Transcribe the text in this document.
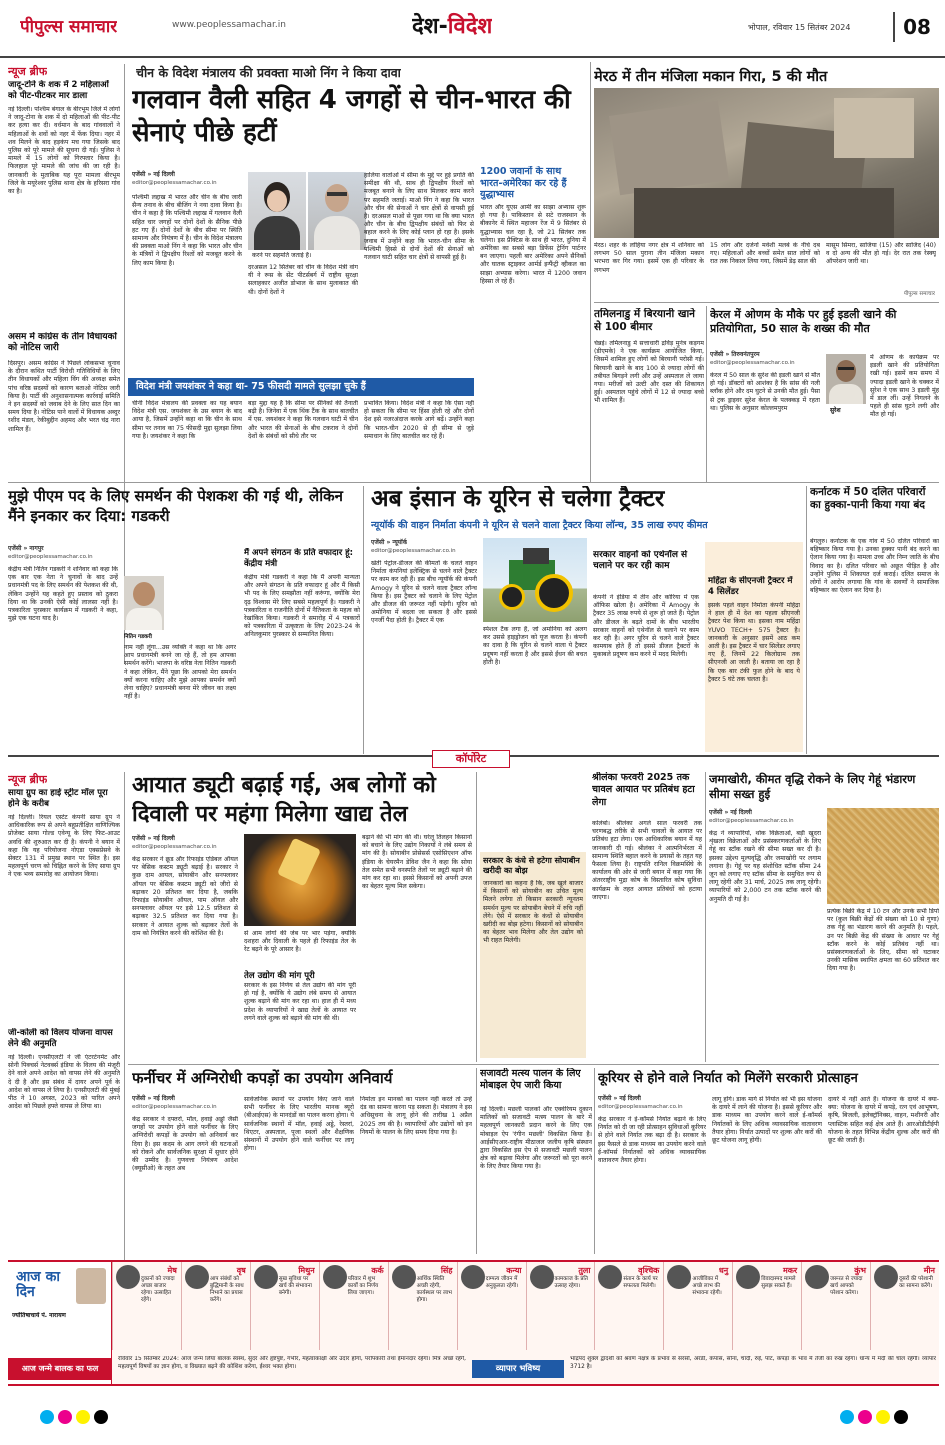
पीपुल्स समाचार	www.peoplessamachar.in	देश-विदेश	भोपाल, रविवार 15 सितंबर 2024	08
न्यूज ब्रीफ
जादू-टोने के शक में 2 महिलाओं को पीट-पीटकर मार डाला
नई दिल्ली। पश्चिम बंगाल के बीरभूम जिले में लोगों ने जादू-टोना के शक में दो महिलाओं की पीट-पीट कर हत्या कर दी। वर्धमान के बाद गांववालों ने महिलाओं के शवों को नहर में फेंक दिया। नहर में शव मिलने के बाद हड़कंप मच गया जिसके बाद पुलिस को पूरे मामले की सूचना दी गई। पुलिस ने मामले में 15 लोगों को गिरफ्तार किया है। फिलहाल पूरे मामले की जांच की जा रही है। जानकारी के मुताबिक यह पूरा मामला बीरभूम जिले के मयूरेश्वर पुलिस थाना क्षेत्र के हरिसरा गांव का है।
असम में कांग्रेस के तीन विधायकों को नोटिस जारी
दिसपुर। असम कांग्रेस ने पिछले लोकसभा चुनाव के दौरान कथित पार्टी विरोधी गतिविधियों के लिए तीन विधायकों और महिला विंग की अध्यक्ष समेत पांच वरिष्ठ सदस्यों को कारण बताओ नोटिस जारी किया है। पार्टी की अनुशासनात्मक कार्रवाई समिति ने इन सदस्यों को जवाब देने के लिए सात दिन का समय दिया है। नोटिस पाने वालों में विधायक अब्दुर रशीद मंडल, रेकीबुद्दीन अहमद और भरत चंद्र नारा शामिल हैं।
चीन के विदेश मंत्रालय की प्रवक्ता माओ निंग ने किया दावा
गलवान वैली सहित 4 जगहों से चीन-भारत की सेनाएं पीछे हटीं
एजेंसी » नई दिल्ली
editor@peoplessamachar.co.in
पश्चिमी लद्दाख में भारत और चीन के बीच जारी सैन्य तनाव के बीच बीजिंग ने नया दावा किया है। चीन ने कहा है कि पश्चिमी लद्दाख में गलवान वैली सहित चार जगहों पर दोनों देशों के सैनिक पीछे हट गए हैं। दोनों देशों के बीच सीमा पर स्थिति सामान्य और नियंत्रण में है। चीन के विदेश मंत्रालय की प्रवक्ता माओ निंग ने कहा कि भारत और चीन के मंत्रियों ने द्विपक्षीय रिश्तों को मजबूत करने के लिए काम किया है।
करने पर सहमति जताई है।
दरअसल 12 सितंबर को चीन के विदेश मंत्री वांग यी ने रूस के सेंट पीटर्सबर्ग में राष्ट्रीय सुरक्षा सलाहकार अजीत डोभाल के साथ मुलाकात की थी। दोनों देशों ने
हालिया वार्ताओं में सीमा के मुद्दे पर हुई प्रगति की समीक्षा की थी, साथ ही द्विपक्षीय रिश्तों को मजबूत बनाने के लिए साथ मिलकर काम करने पर सहमति जताई। माओ निंग ने कहा कि भारत और चीन की सेनाओं ने चार क्षेत्रों से वापसी हुई है। दरअसल माओ से पूछा गया था कि क्या भारत और चीन के बीच द्विपक्षीय संबंधों को फिर से बहाल करने के लिए कोई प्लान हो रहा है। इसके जवाब में उन्होंने कहा कि भारत-चीन सीमा के पश्चिमी हिस्से से दोनों देशों की सेनाओं को गलवान घाटी सहित चार क्षेत्रों से वापसी हुई है।
1200 जवानों के साथ भारत-अमेरिका कर रहे हैं युद्धाभ्यास
भारत और यूएस आर्मी का साझा अभ्यास शुरू हो गया है। पाकिस्तान से सटे राजस्थान के बीकानेर में स्थित महाजन रेंज में 9 सितंबर से युद्धाभ्यास चल रहा है, जो 21 सितंबर तक चलेगा। इस प्रैक्टिस के साथ ही भारत, दुनिया में अमेरिका का सबसे बड़ा डिफेंस ट्रेनिंग पार्टनर बन जाएगा। पहली बार अमेरिका अपने सैनिकों और घातक स्ट्राइकर आर्मर्ड इन्फैंट्री व्हीकल का साझा अभ्यास करेगा। भारत में 1200 जवान हिस्सा ले रहे हैं।
विदेश मंत्री जयशंकर ने कहा था- 75 फीसदी मामले सुलझा चुके हैं
चीनी विदेश मंत्रालय की प्रवक्ता का यह बयान विदेश मंत्री एस. जयशंकर के उस बयान के बाद आया है, जिसमें उन्होंने कहा था कि चीन के साथ सीमा पर तनाव का 75 फीसदी मुद्दा सुलझा लिया गया है। जयशंकर ने कहा कि
बड़ा मुद्दा यह है कि सीमा पर सैनिकों की तैनाती बढ़ी है। जिनेवा में एक थिंक टैंक के साथ बातचीत में एस. जयशंकर ने कहा कि गलवान घाटी में चीन और भारत की सेनाओं के बीच टकराव ने दोनों देशों के संबंधों को सीधे तौर पर
प्रभावित किया। विदेश मंत्री ने कहा कि ऐसा नहीं हो सकता कि सीमा पर हिंसा होती रहे और दोनों देश इसे नजरअंदाज करके आगे बढ़ें। उन्होंने कहा कि भारत-चीन 2020 से ही सीमा से जुड़े समाधान के लिए बातचीत कर रहे हैं।
मेरठ में तीन मंजिला मकान गिरा, 5 की मौत
मेरठ। शहर के लोहिया नगर क्षेत्र में शनिवार को लगभग 50 साल पुराना तीन मंजिला मकान भरभरा कर गिर गया। इसमें एक ही परिवार के लगभग
15 लोग और दर्जनों मवेशी मलबे के नीचे दब गए। महिलाओं और बच्चों समेत सात लोगों को रात तक निकाल लिया गया, जिसमें डेढ़ साल की
मासूम सिमरा, साजिया (15) और साजिद (40) व दो अन्य की मौत हो गई। देर रात तक रेस्क्यू ऑपरेशन जारी था।
पीपुल्स समाचार
तमिलनाडु में बिरयानी खाने से 100 बीमार
चेन्नई। तमिलनाडु में सत्ताधारी द्रविड़ मुनेत्र कड़गम (डीएमके) ने एक कार्यक्रम आयोजित किया, जिसमें शामिल हुए लोगों को बिरयानी परोसी गई। बिरयानी खाने के बाद 100 से ज्यादा लोगों की तबीयत बिगड़ने लगी और उन्हें अस्पताल ले जाया गया। मरीजों को उल्टी और दस्त की शिकायत हुई। अस्पताल पहुंचे लोगों में 12 से ज्यादा बच्चे भी शामिल हैं।
केरल में ओणम के मौके पर हुई इडली खाने की प्रतियोगिता, 50 साल के शख्स की मौत
एजेंसी » तिरुवनंतपुरम
editor@peoplessamachar.co.in
केरल में 50 साल के सुरेश की इडली खाने से मौत हो गई। डॉक्टरों को आशंका है कि सांस की नली ब्लॉक होने और दम घुटने से उनकी मौत हुई। पैसा से ट्रक ड्राइवर सुरेश केरल के पलक्कड़ में रहता था। पुलिस के अनुसार कोल्लमपुरम	सुरेश
में ओणम के कार्यक्रम पर इडली खाने की प्रतियोगिता रखी गई। इसमें कम समय में ज्यादा इडली खाने के चक्कर में सुरेश ने एक साथ 3 इडली मुंह में डाल लीं। उन्हें निगलने के पहले ही सांस घुटने लगी और मौत हो गई।
मुझे पीएम पद के लिए समर्थन की पेशकश की गई थी, लेकिन मैंने इनकार कर दिया: गडकरी
एजेंसी » नागपुर
editor@peoplessamachar.co.in
केंद्रीय मंत्री नितिन गडकरी ने शनिवार को कहा कि एक बार एक नेता ने चुनावों के बाद उन्हें प्रधानमंत्री पद के लिए समर्थन की पेशकश की थी, लेकिन उन्होंने यह कहते हुए प्रस्ताव को ठुकरा दिया था कि उनकी ऐसी कोई लालसा नहीं है। पत्रकारिता पुरस्कार कार्यक्रम में गडकरी ने कहा, मुझे एक घटना याद है।
नितिन गडकरी
नाम नहीं लूंगा...उस व्यक्ति ने कहा था कि अगर आप प्रधानमंत्री बनने जा रहे हैं, तो हम आपका समर्थन करेंगे। भाजपा के वरिष्ठ नेता नितिन गडकरी ने कहा लेकिन, मैंने पूछा कि आपको मेरा समर्थन क्यों करना चाहिए और मुझे आपका समर्थन क्यों लेना चाहिए? प्रधानमंत्री बनना मेरे जीवन का लक्ष्य नहीं है।
मैं अपने संगठन के प्रति वफादार हूं: केंद्रीय मंत्री
केंद्रीय मंत्री गडकरी ने कहा कि मैं अपनी मान्यता और अपने संगठन के प्रति वफादार हूं और मैं किसी भी पद के लिए समझौता नहीं करूंगा, क्योंकि मेरा दृढ़ विश्वास मेरे लिए सबसे महत्वपूर्ण है। गडकरी ने पत्रकारिता व राजनीति दोनों में नैतिकता के महत्व को रेखांकित किया। गडकरी ने समारोह में 4 पत्रकारों को पत्रकारिता में उत्कृष्टता के लिए 2023-24 के अनिलकुमार पुरस्कार से सम्मानित किया।
अब इंसान के यूरिन से चलेगा ट्रैक्टर
न्यूयॉर्क की वाहन निर्माता कंपनी ने यूरिन से चलने वाला ट्रैक्टर किया लॉन्च, 35 लाख रुपए कीमत
एजेंसी » न्यूयॉर्क
editor@peoplessamachar.co.in
खेती पेट्रोल-डीजल की कीमतों के चलते वाहन निर्माता कंपनियां इलेक्ट्रिक से चलने वाले ट्रैक्टर पर काम कर रही हैं। इस बीच न्यूयॉर्क की कंपनी Amogy ने यूरिन से चलने वाला ट्रैक्टर लॉन्च किया है। इस ट्रैक्टर को चलाने के लिए पेट्रोल और डीजल की जरूरत नहीं पड़ेगी। यूरिन को अमोनिया में बदला जा सकता है और इससे एनर्जी पैदा होती है। ट्रैक्टर में एक
स्पेशल टैंक लगा है, जो अमोनिया को अलग कर उससे हाइड्रोजन को यूज करता है। कंपनी का दावा है कि यूरिन से चलने वाला ये ट्रैक्टर प्रदूषण नहीं करता है और इससे ईंधन की बचत होती है।
सरकार वाहनों को एथेनॉल से चलाने पर कर रही काम
कंपनी ने इंडिया में तीन और कोरिया में एक ऑफिस खोला है। अमेरिका में Amogy के ट्रैक्टर 35 लाख रुपये से शुरू हो जाते हैं। पेट्रोल और डीजल के बढ़ते दामों के बीच भारतीय सरकार वाहनों को एथेनॉल से चलाने पर काम कर रही है। अगर यूरिन से चलने वाले ट्रैक्टर कामयाब होते हैं तो इससे डीजल ट्रैक्टरों के मुकाबले प्रदूषण कम करने में मदद मिलेगी।
महिंद्रा के सीएनजी ट्रैक्टर में 4 सिलेंडर
इसके पहले वाहन निर्माता कंपनी महिंद्रा ने हाल ही में देश का पहला सीएनजी ट्रैक्टर पेश किया था। इसका नाम महिंद्रा YUVO TECH+ 575 ट्रैक्टर है। जानकारी के अनुसार इसमें आठ कम आती है। इस ट्रैक्टर में चार सिलेंडर लगाए गए हैं, जिनमें 22 किलोग्राम तक सीएनजी आ जाती है। बताया जा रहा है कि एक बार टंकी फुल होने के बाद ये ट्रैक्टर 5 घंटे तक चलता है।
कर्नाटक में 50 दलित परिवारों का हुक्का-पानी किया गया बंद
बेंगलुरु। कर्नाटक के एक गांव में 50 दलित परिवारों का बहिष्कार किया गया है। उनका हुक्का पानी बंद करने का ऐलान किया गया है। मामला उच्च और निम्न जाति के बीच विवाद का है। दलित परिवार को अछूत पीड़ित है और उन्होंने पुलिस में शिकायत दर्ज कराई। दलित समाज के लोगों ने आरोप लगाया कि गांव के सवर्णों ने सामाजिक बहिष्कार का ऐलान कर दिया है।
कॉर्पोरेट
न्यूज ब्रीफ
साया ग्रुप का हाई स्ट्रीट मॉल पूरा होने के करीब
नई दिल्ली। रियल एस्टेट कंपनी साया ग्रुप ने आधिकारिक रूप से अपने बहुप्रतीक्षित वाणिज्यिक प्रोजेक्ट साया गोल्ड एवेन्यू के लिए फिट-आउट अवधि की शुरुआत कर दी है। कंपनी ने बयान में कहा कि यह परियोजना नोएडा एक्सप्रेसवे के सेक्टर 131 में प्रमुख स्थान पर स्थित है। इस महत्वपूर्ण चरण को चिह्नित करने के लिए साया ग्रुप ने एक भव्य समारोह का आयोजन किया।
जी-कोली को विलय योजना वापस लेने की अनुमति
नई दिल्ली। एनसीएलटी ने जी एंटरटेनमेंट और सोनी पिक्चर्स नेटवर्क्स इंडिया के विलय की मंजूरी देने वाले अपने आदेश को वापस लेने की अनुमति दे दी है और इस संबंध में दायर अपने पूर्व के आदेश को वापस ले लिया है। एनसीएलटी की मुंबई पीठ ने 10 अगस्त, 2023 को पारित अपने आदेश को पिछले हफ्ते वापस ले लिया था।
आयात ड्यूटी बढ़ाई गई, अब लोगों को दिवाली पर महंगा मिलेगा खाद्य तेल
एजेंसी » नई दिल्ली
editor@peoplessamachar.co.in
केंद्र सरकार ने क्रूड और रिफाइंड एडिबल ऑयल पर बेसिक कस्टम ड्यूटी बढ़ाई है। सरकार ने कुछ दाम आयल, सोयाबीन और सनफ्लावर ऑयल पर बेसिक कस्टम ड्यूटी को जीरो से बढ़ाकर 20 प्रतिशत कर दिया है, जबकि रिफाइंड सोयाबीन ऑयल, पाम ऑयल और सनफ्लावर ऑयल पर इसे 12.5 प्रतिशत से बढ़ाकर 32.5 प्रतिशत कर दिया गया है। सरकार ने आयात शुल्क को बढ़ाकर तेलों के दाम को नियंत्रित करने की कोशिश की है।	से आम लोगों की जेब पर भार पड़ेगा, क्योंकि दशहरा और दिवाली के पहले ही रिफाइंड तेल के रेट बढ़ने के पूरे आसार है।
तेल उद्योग की मांग पूरी
सरकार के इस निर्णय से तेल उद्योग की मांग पूरी हो गई है, क्योंकि ये उद्योग लंबे समय से आयात शुल्क बढ़ाने की मांग कर रहा था। हाल ही में मध्य प्रदेश के व्यापारियों ने खाद्य तेलों के आयात पर लगने वाले शुल्क को बढ़ाने की मांग की थी।
बढ़ाने की भी मांग की थी। घरेलू तिलहन किसानों को बचाने के लिए उद्योग निकायों ने लंबे समय से मांग की है। सोयाबीन प्रोसेसर्स एसोसिएशन ऑफ इंडिया के चेयरमैन डेविश जैन ने कहा कि सोया तेल समेत सभी वनस्पति तेलों पर ड्यूटी बढ़ाने की मांग कर रहा था। इससे किसानों को अपनी उपज का बेहतर मूल्य मिल सकेगा।
सरकार के कंधे से हटेगा सोयाबीन खरीदी का बोझ
जानकारों का कहना है कि, जब खुले बाजार में किसानों को सोयाबीन का उचित मूल्य मिलने लगेगा तो किसान सरकारी न्यूनतम समर्थन मूल्य पर सोयाबीन बेचने में रुचि नहीं लेंगे। ऐसे में सरकार के कंधों से सोयाबीन खरीदी का बोझ हटेगा। किसानों को सोयाबीन का बेहतर भाव मिलेगा और तेल उद्योग को भी राहत मिलेगी।
श्रीलंका फरवरी 2025 तक चावल आयात पर प्रतिबंध हटा लेगा
कोलंबो। श्रीलंका अगले साल फरवरी तक चरणबद्ध तरीके से सभी चावलों के आयात पर प्रतिबंध हटा लेगा। एक आधिकारिक बयान में यह जानकारी दी गई। श्रीलंका ने आत्मनिर्भरता में सामान्य स्थिति बहाल करने के प्रयासों के तहत यह फैसला लिया है। राष्ट्रपति रानिल विक्रमसिंघे के कार्यालय की ओर से जारी बयान में कहा गया कि अंतरराष्ट्रीय मुद्रा कोष के विस्तारित कोष सुविधा कार्यक्रम के तहत आयात प्रतिबंधों को हटाया जाएगा।
जमाखोरी, कीमत वृद्धि रोकने के लिए गेहूं भंडारण सीमा सख्त हुई
एजेंसी » नई दिल्ली
editor@peoplessamachar.co.in
केंद्र ने व्यापारियों, थोक विक्रेताओं, बड़ी खुदरा शृंखला विक्रेताओं और प्रसंस्करणकर्ताओं के लिए गेहूं का स्टॉक रखने की सीमा सख्त कर दी है। इसका उद्देश्य मूल्यवृद्धि और जमाखोरी पर लगाम लगाना है। गेहूं पर यह संशोधित स्टॉक सीमा 24 जून को लगाए गए स्टॉक सीमा के समुचित रूप से लागू रहेगी और 31 मार्च, 2025 तक लागू रहेगी। व्यापारियों को 2,000 टन तक स्टॉक करने की अनुमति दी गई है।
प्रत्येक बिक्री केंद्र में 10 टन और उनके सभी डिपो पर (कुल बिक्री केंद्रों की संख्या को 10 से गुणा) तक गेहूं का भंडारण करने की अनुमति है। पहले, उन पर बिक्री केंद्र की संख्या के आधार पर गेहूं स्टॉक करने के कोई प्रतिबंध नहीं था। प्रसंस्करणकर्ताओं के लिए, सीमा को घटाकर उनकी मासिक स्थापित क्षमता का 60 प्रतिशत कर दिया गया है।
फर्नीचर में अग्निरोधी कपड़ों का उपयोग अनिवार्य
एजेंसी » नई दिल्ली
editor@peoplessamachar.co.in
केंद्र सरकार ने दफ्तरों, मॉल, हवाई अड्डों जैसी जगहों पर उपयोग होने वाले फर्नीचर के लिए अग्निरोधी कपड़ों के उपयोग को अनिवार्य कर दिया है। इस कदम के आग लगने की घटनाओं को रोकने और सार्वजनिक सुरक्षा में सुधार होने की उम्मीद है। गुणवत्ता नियंत्रण आदेश (क्यूसीओ) के तहत अब
सार्वजनिक स्थानों पर उपयोग किए जाने वाले सभी फर्नीचर के लिए भारतीय मानक ब्यूरो (बीआईएस) के मानदंडों का पालन करना होगा। ये सार्वजनिक स्थानों में मॉल, हवाई अड्डे, रेस्तरां, थिएटर, अस्पताल, पूजा स्थलों और शैक्षणिक संस्थानों में उपयोग होने वाले फर्नीचर पर लागू होगा।
निर्माता इन मानकों का पालन नहीं करते तो उन्हें दंड का सामना करना पड़ सकता है। मंत्रालय ने इस अधिसूचना के लागू होने की तारीख 1 अप्रैल 2025 तय की है। व्यापारियों और उद्योगों को इन नियमों के पालन के लिए समय दिया गया है।
सजावटी मत्स्य पालन के लिए मोबाइल ऐप जारी किया
नई दिल्ली। मछली पालकों और एक्वेरियम दुकान मालिकों को सजावटी मत्स्य पालन के बारे में महत्वपूर्ण जानकारी प्रदान करने के लिए एक मोबाइल ऐप 'रंगीन मछली' विकसित किया है। आईसीएआर-राष्ट्रीय मीठाजल जलीय कृषि संस्थान द्वारा विकसित इस ऐप से सजावटी मछली पालन क्षेत्र को बढ़ावा मिलेगा और जरूरतों को पूरा करने के लिए तैयार किया गया है।
कूरियर से होने वाले निर्यात को मिलेंगे सरकारी प्रोत्साहन
एजेंसी » नई दिल्ली
editor@peoplessamachar.co.in
केंद्र सरकार ने ई-कॉमर्स निर्यात बढ़ाने के लिए निर्यात को दी जा रही प्रोत्साहन सुविधाओं कूरियर से होने वाले निर्यात तक बढ़ा दी है। सरकार के इस फैसले से डाक माध्यम का उपयोग करने वाले ई-कॉमर्स निर्यातकों को अधिक व्यावसायिक वातावरण तैयार होगा।
लागू होंगे। डाक मार्ग से निर्यात को भी इस योजना के दायरे में लाने की योजना है। इससे कूरियर और डाक माध्यम का उपयोग करने वाले ई-कॉमर्स निर्यातकों के लिए अधिक व्यावसायिक वातावरण तैयार होगा। निर्यात उत्पादों पर शुल्क और करों की छूट योजना लागू होगी।
दायरे में नहीं आते हैं। योजना के दायरे में क्या-क्या: योजना के दायरे में कपड़े, रत्न एवं आभूषण, कृषि, बिजली, इलेक्ट्रॉनिक्स, वाहन, मशीनरी और प्लास्टिक सहित कई क्षेत्र आते हैं। आरओडीटीईपी योजना के तहत विभिन्न केंद्रीय शुल्क और करों की छूट की जाती है।
आज का दिन
ज्योतिषाचार्य पं. नारायण
आज जन्मे बालक का फल
मेष
दुकानों को ज्यादा अच्छा बाजार रहेगा। उत्साहित रहेंगे।
वृष
आप संबंधों को बुद्धिमानी के साथ निभाने का प्रयास करेंगे।
मिथुन
सुख सुविधा पर खर्च की संभावना बनेगी।
कर्क
परिवार में शुभ कार्यों का निर्णय लिया जाएगा।
सिंह
आर्थिक स्थिति अच्छी रहेगी, कार्यस्थल पर लाभ होगा।
कन्या
दाम्पत्य जीवन में अनुकूलता रहेगी।
तुला
कामकाज के प्रति उत्साह रहेगा।
वृश्चिक
संतान के कार्य पर सफलता मिलेगी।
धनु
आजीविका में अच्छे लाभ की संभावना रहेगी।
मकर
विवादास्पद मामले सुलझ सकते हैं।
कुंभ
जरूरत से ज्यादा खर्च आपको परेशान करेगा।
मीन
दूसरों की परेशानी का सामना करेंगे।
रविवार 15 सितम्बर 2024: आज जन्म लिया बालक स्वस्थ, सुंदर और हृष्टपुष्ट, गंभीर, महत्वाकांक्षी और उदार होगा, परोपकारी तथा ईमानदार रहेगा। मित्र अच्छे रहेंगे, महत्वपूर्ण विषयों का ज्ञान होगा, व विख्यात बढ़ने की कोशिश करेगा, ईश्वर भक्त होगा।	व्यापार भविष्य
भाद्रपद शुक्ल द्वादशी को श्रवण नक्षत्र के प्रभाव से सरसों, अरंडी, कपास, सोना, चांदी, रुई, पाट, कपड़ा के भाव में तेजी का रुख रहेगा। धान्य में मंदी की चाल रहेगी। व्यापार 3712 है।
